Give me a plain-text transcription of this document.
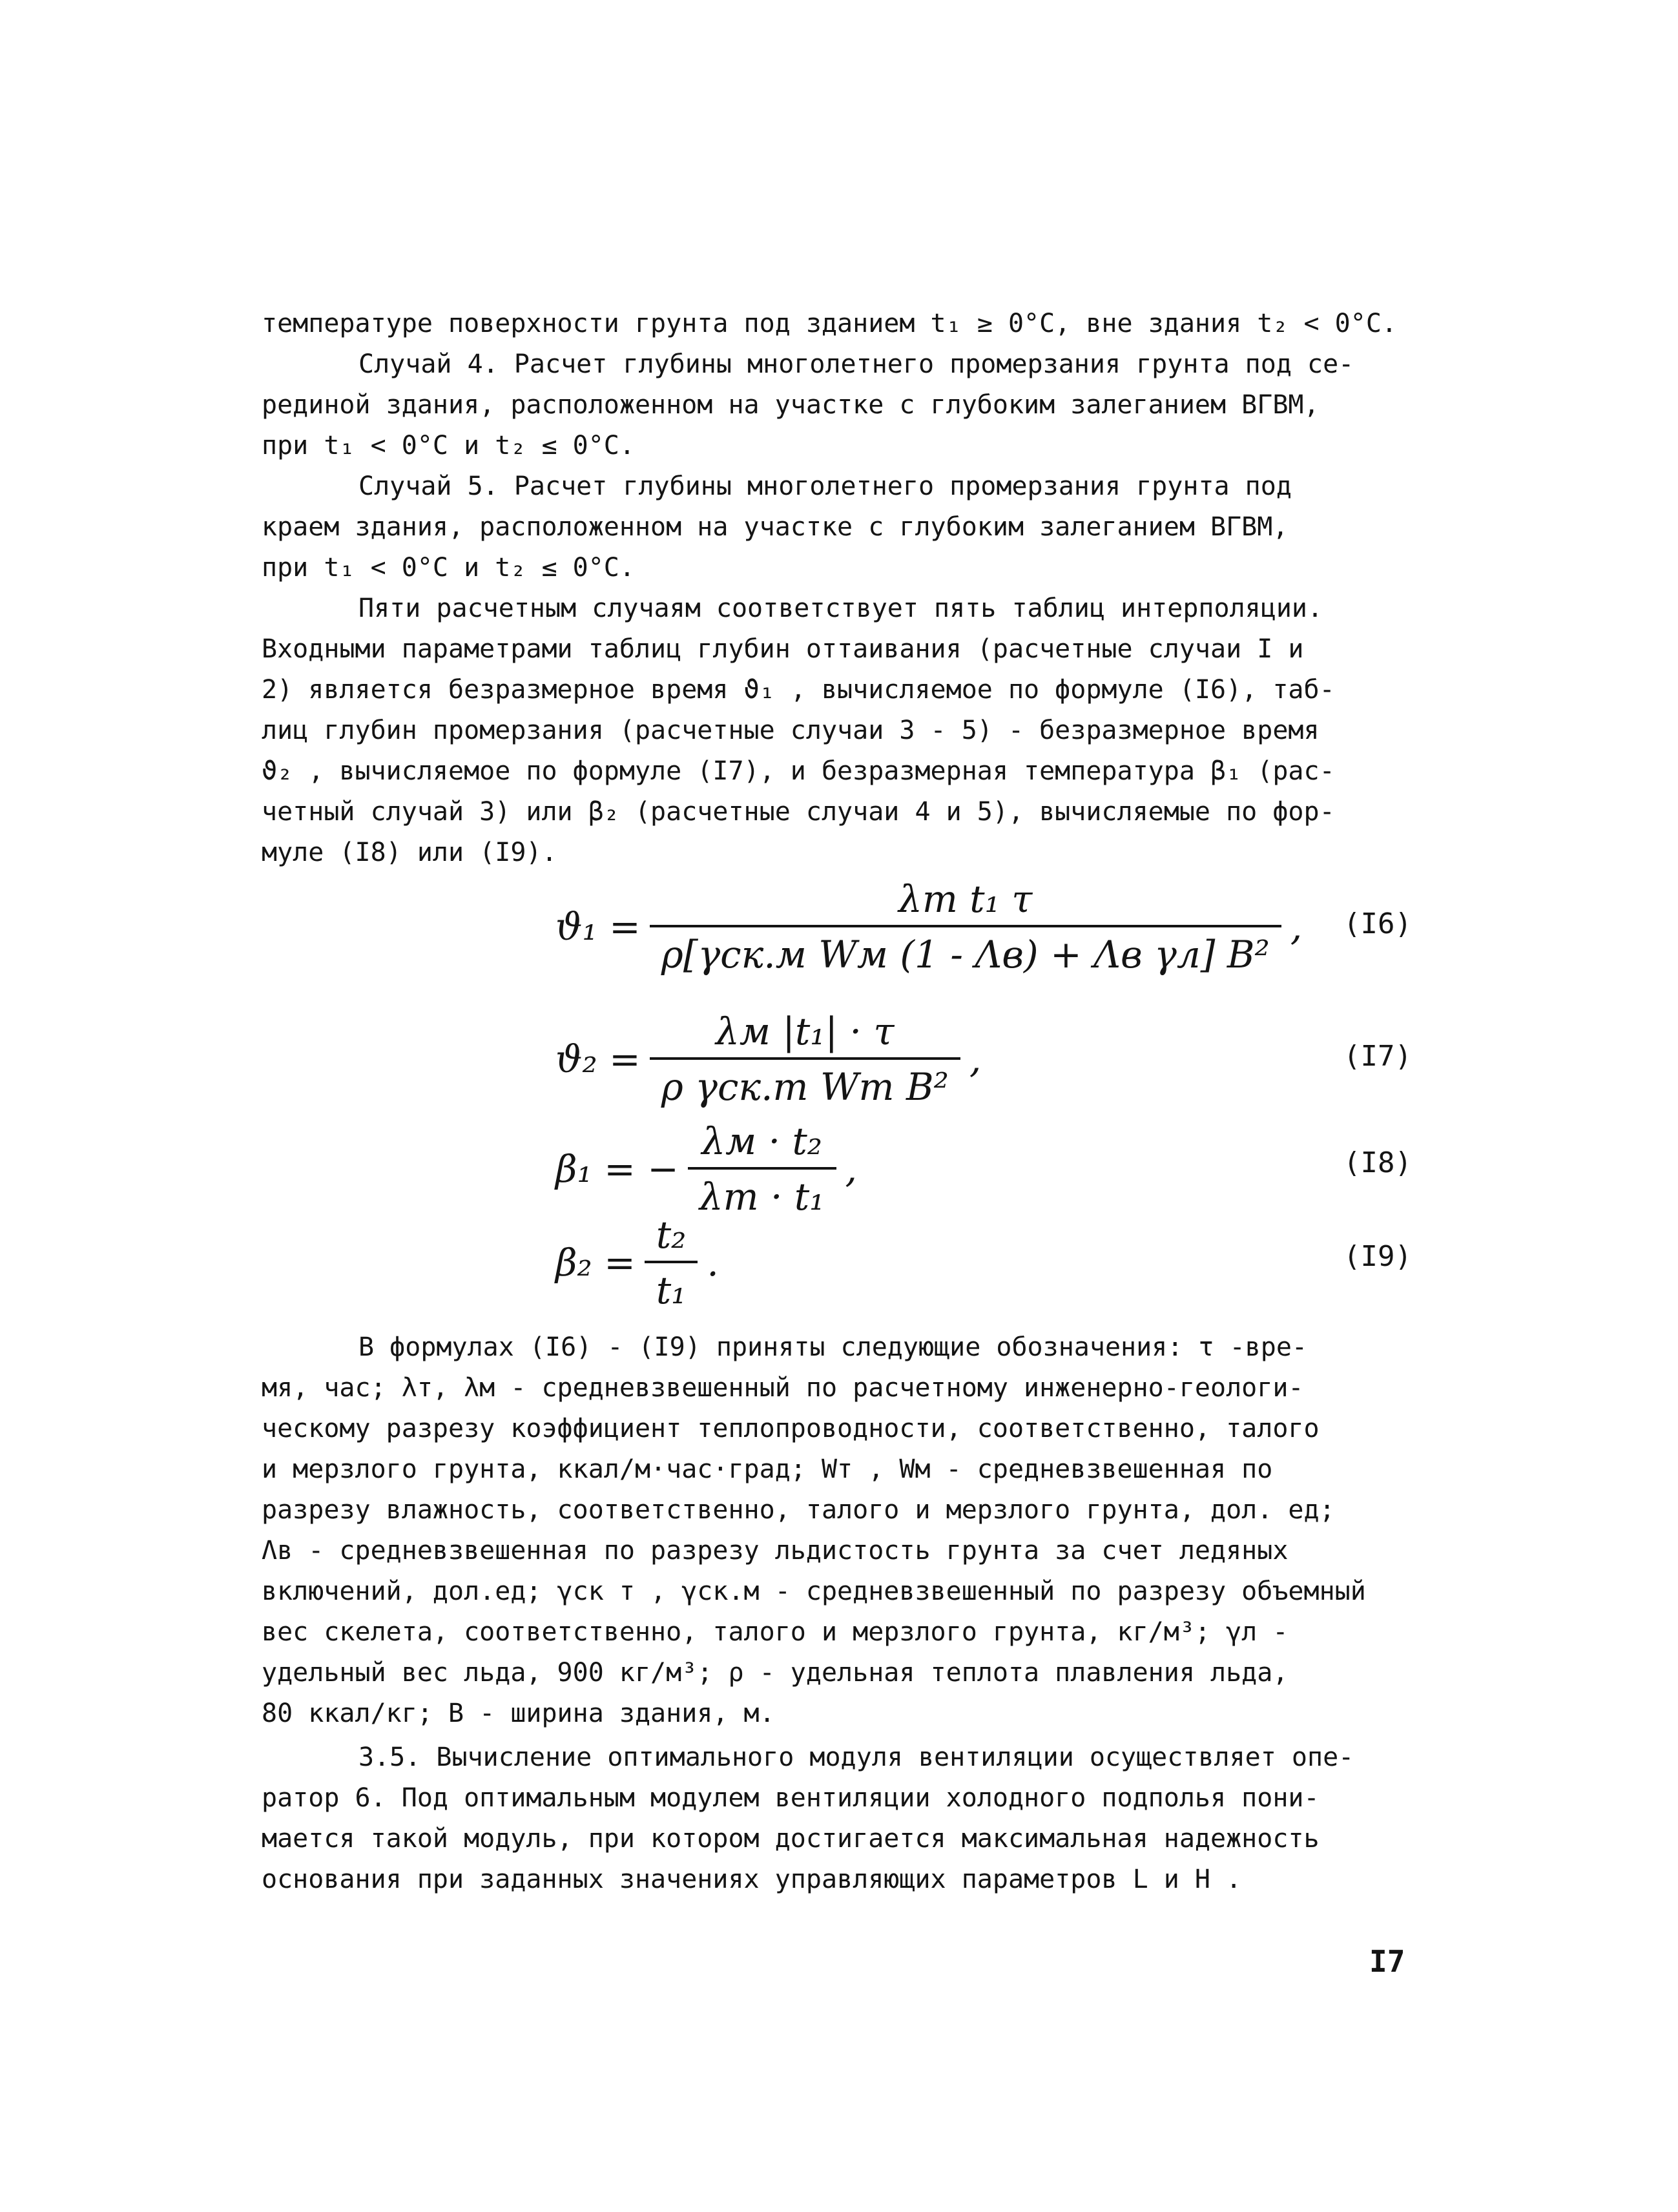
температуре поверхности грунта под зданием t₁ ≥ 0°C, вне здания t₂ < 0°C.
Случай 4. Расчет глубины многолетнего промерзания грунта под се-
рединой здания, расположенном на участке с глубоким залеганием ВГВМ,
при t₁ < 0°C и t₂ ≤ 0°C.
Случай 5. Расчет глубины многолетнего промерзания грунта под
краем здания, расположенном на участке с глубоким залеганием ВГВМ,
при t₁ < 0°C и t₂ ≤ 0°C.
Пяти расчетным случаям соответствует пять таблиц интерполяции.
Входными параметрами таблиц глубин оттаивания (расчетные случаи I и
2) является безразмерное время ϑ₁ , вычисляемое по формуле (I6), таб-
лиц глубин промерзания (расчетные случаи 3 - 5) - безразмерное время
ϑ₂ , вычисляемое по формуле (I7), и безразмерная температура β₁ (рас-
четный случай 3) или β₂ (расчетные случаи 4 и 5), вычисляемые по фор-
муле (I8) или (I9).
$ϑ_1 = \frac{\text{λт t₁ τ}}{\text{ρ[γск.м Wм (1 - Λв) + Λв γл] B²}}$ , (I6)
$ϑ_2 = \frac{\text{λм |t₁| · τ}}{\text{ρ γск.т Wт B²}}$ ,	(I7)
β₁ = − $\frac{\text{λм · t₂}}{\text{λт · t₁}}$ ,	(I8)
$\beta_2 = \frac{\text{t₂}}{\text{t₁}}$ .	(I9)
В формулах (I6) - (I9) приняты следующие обозначения: τ -вре-
мя, час; λт, λм - средневзвешенный по расчетному инженерно-геологи-
ческому разрезу коэффициент теплопроводности, соответственно, талого
и мерзлого грунта, ккал/м·час·град; Wт , Wм - средневзвешенная по
разрезу влажность, соответственно, талого и мерзлого грунта, дол. ед;
Λв - средневзвешенная по разрезу льдистость грунта за счет ледяных
включений, дол.ед; γск т , γск.м - средневзвешенный по разрезу объемный
вес скелета, соответственно, талого и мерзлого грунта, кг/м³; γл -
удельный вес льда, 900 кг/м³; ρ - удельная теплота плавления льда,
80 ккал/кг; B - ширина здания, м.
3.5. Вычисление оптимального модуля вентиляции осуществляет опе-
ратор 6. Под оптимальным модулем вентиляции холодного подполья пони-
мается такой модуль, при котором достигается максимальная надежность
основания при заданных значениях управляющих параметров L и H .
I7
